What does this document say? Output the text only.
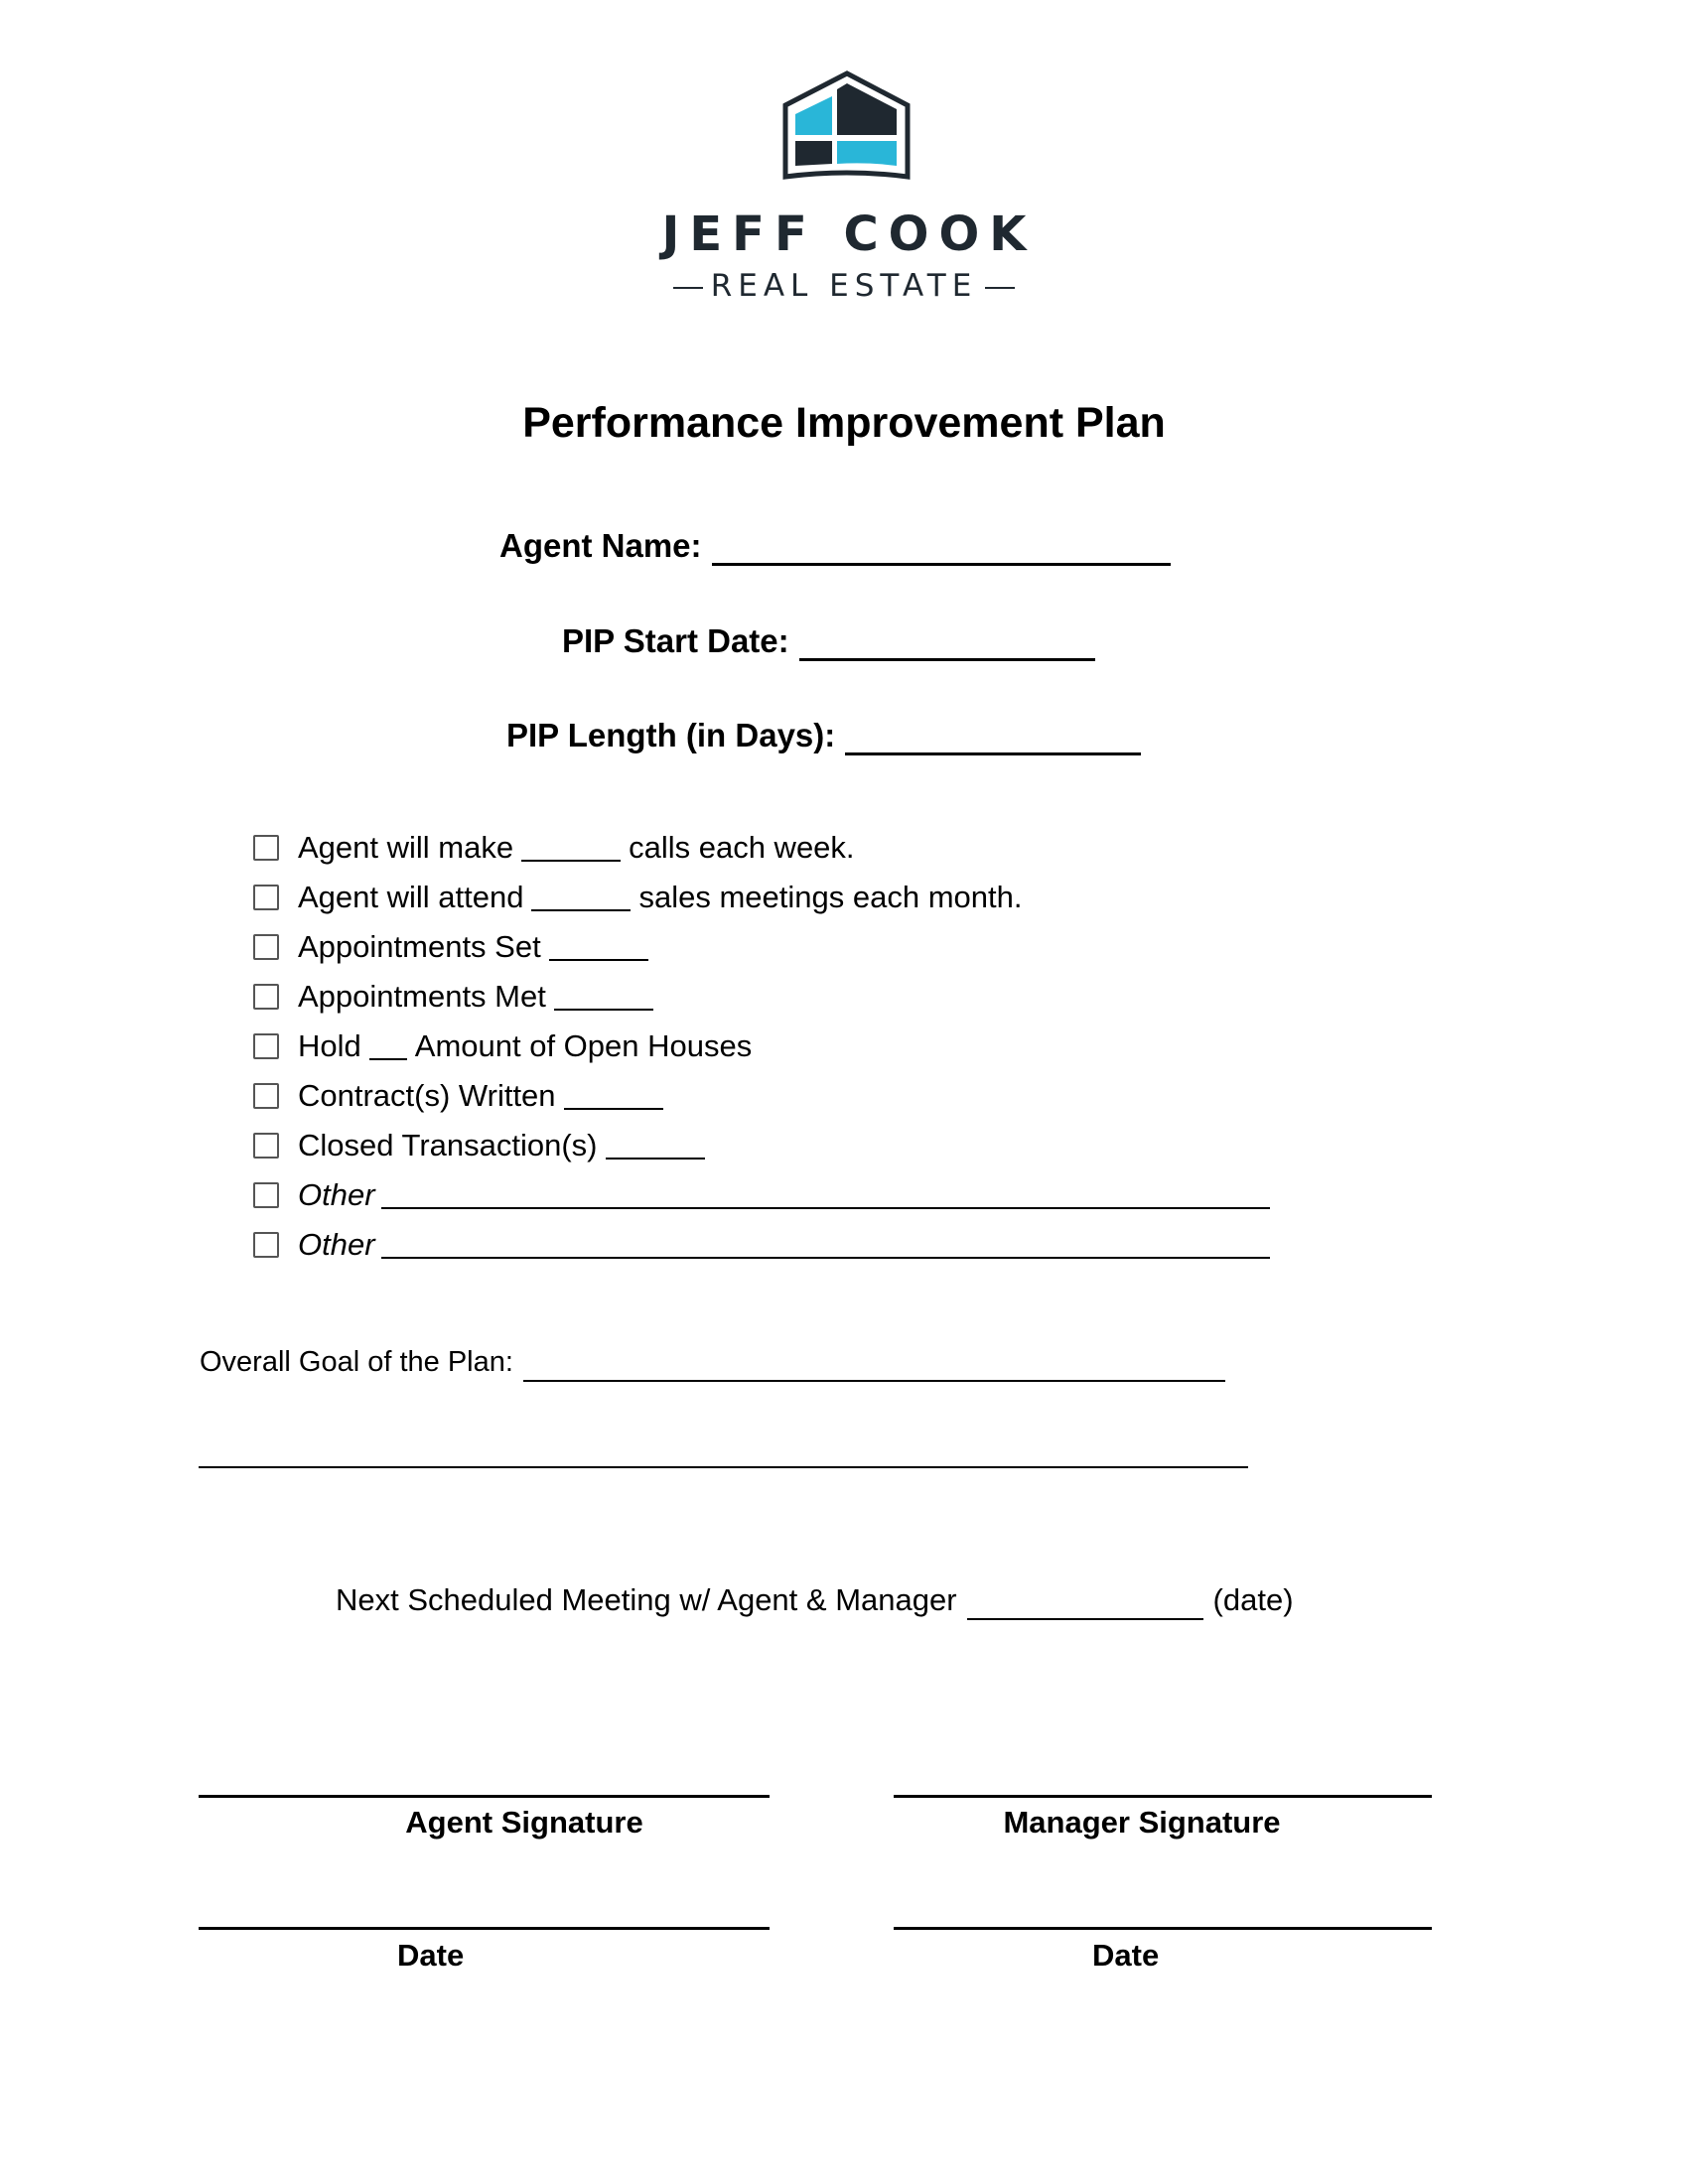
JEFF COOK
REAL ESTATE
Performance Improvement Plan
Agent Name:
PIP Start Date:
PIP Length (in Days):
Agent will make	calls each week.
Agent will attend	sales meetings each month.
Appointments Set
Appointments Met
Hold Amount of Open Houses
Contract(s) Written
Closed Transaction(s)
Other
Other
Overall Goal of the Plan:
Next Scheduled Meeting w/ Agent & Manager	(date)
Agent Signature	Manager Signature
Date	Date
